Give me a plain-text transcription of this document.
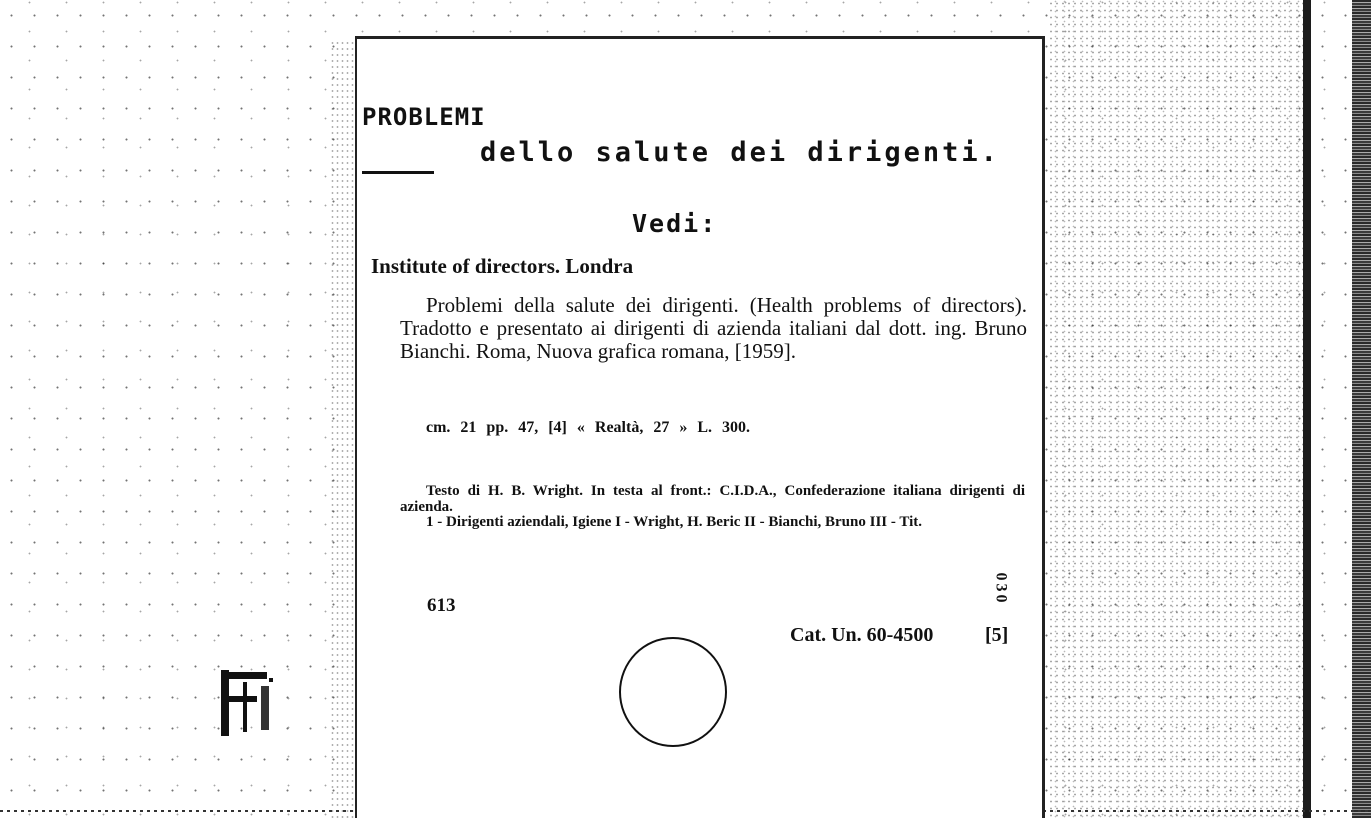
PROBLEMI
dello salute dei dirigenti.
Vedi:
Institute of directors. Londra
Problemi della salute dei dirigenti. (Health problems of directors). Tradotto e presentato ai dirigenti di azienda italiani dal dott. ing. Bruno Bianchi. Roma, Nuova grafica romana, [1959].
cm. 21 pp. 47, [4] « Realtà, 27 » L. 300.
Testo di H. B. Wright. In testa al front.: C.I.D.A., Confederazione italiana dirigenti di azienda.
1 - Dirigenti aziendali, Igiene I - Wright, H. Beric II - Bianchi, Bruno III - Tit.
613	030
Cat. Un. 60-4500	[5]
